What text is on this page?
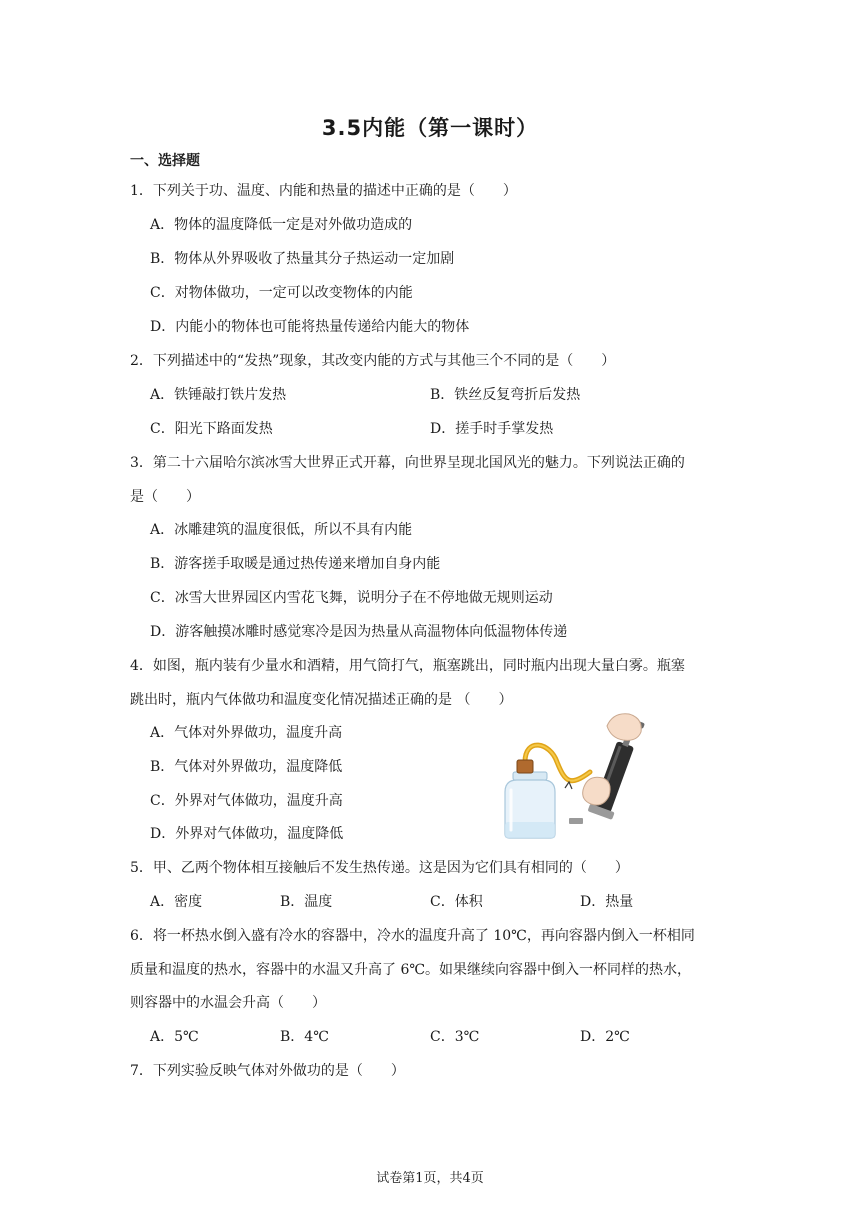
3.5内能（第一课时）
一、选择题
1．下列关于功、温度、内能和热量的描述中正确的是（　　）
A．物体的温度降低一定是对外做功造成的
B．物体从外界吸收了热量其分子热运动一定加剧
C．对物体做功，一定可以改变物体的内能
D．内能小的物体也可能将热量传递给内能大的物体
2．下列描述中的“发热”现象，其改变内能的方式与其他三个不同的是（　　）
A．铁锤敲打铁片发热	B．铁丝反复弯折后发热
C．阳光下路面发热	D．搓手时手掌发热
3．第二十六届哈尔滨冰雪大世界正式开幕，向世界呈现北国风光的魅力。下列说法正确的
是（　　）
A．冰雕建筑的温度很低，所以不具有内能
B．游客搓手取暖是通过热传递来增加自身内能
C．冰雪大世界园区内雪花飞舞，说明分子在不停地做无规则运动
D．游客触摸冰雕时感觉寒冷是因为热量从高温物体向低温物体传递
4．如图，瓶内装有少量水和酒精，用气筒打气，瓶塞跳出，同时瓶内出现大量白雾。瓶塞
跳出时，瓶内气体做功和温度变化情况描述正确的是 （　　）
A．气体对外界做功，温度升高
B．气体对外界做功，温度降低
C．外界对气体做功，温度升高
D．外界对气体做功，温度降低
5．甲、乙两个物体相互接触后不发生热传递。这是因为它们具有相同的（　　）
A．密度	B．温度	C．体积	D．热量
6．将一杯热水倒入盛有冷水的容器中，冷水的温度升高了 10℃，再向容器内倒入一杯相同
质量和温度的热水，容器中的水温又升高了 6℃。如果继续向容器中倒入一杯同样的热水，
则容器中的水温会升高（　　）
A．5℃	B．4℃	C．3℃	D．2℃
7．下列实验反映气体对外做功的是（　　）
试卷第1页，共4页
